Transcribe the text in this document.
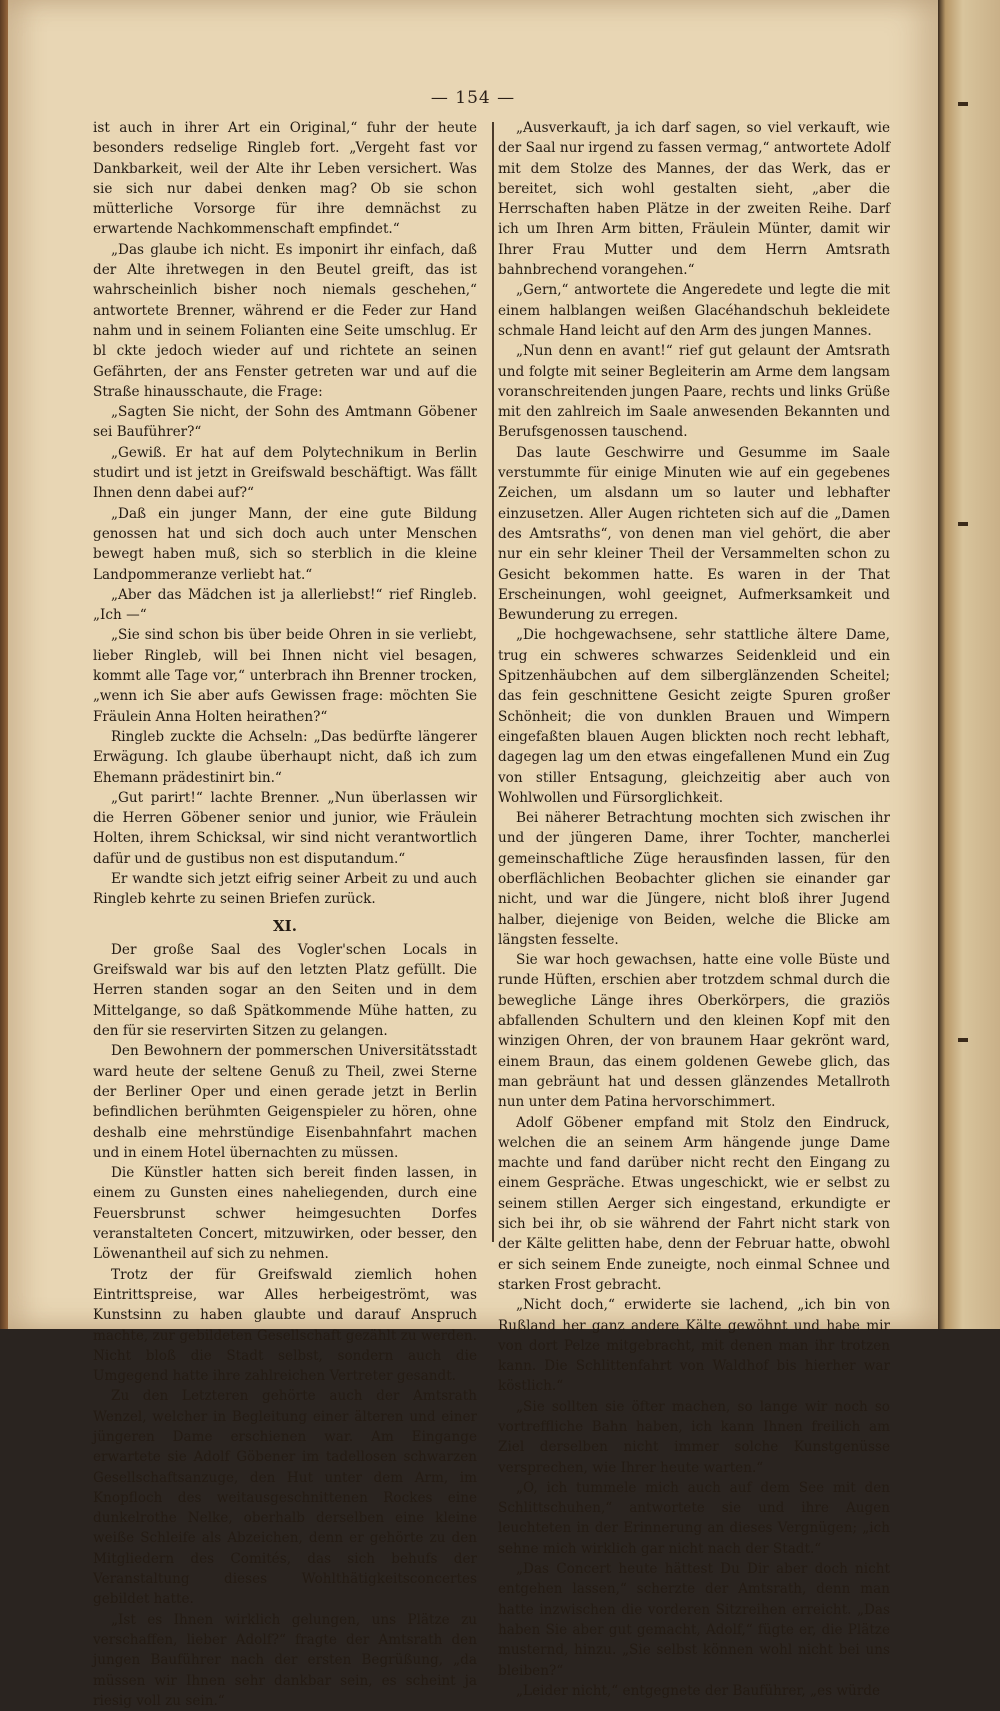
— 154 —

ist auch in ihrer Art ein Original,“ fuhr der heute besonders redselige Ringleb fort. „Vergeht fast vor Dankbarkeit, weil der Alte ihr Leben versichert. Was sie sich nur dabei denken mag? Ob sie schon mütterliche Vorsorge für ihre demnächst zu erwartende Nachkommenschaft empfindet.“

„Das glaube ich nicht. Es imponirt ihr einfach, daß der Alte ihretwegen in den Beutel greift, das ist wahrscheinlich bisher noch niemals geschehen,“ antwortete Brenner, während er die Feder zur Hand nahm und in seinem Folianten eine Seite umschlug. Er bl ckte jedoch wieder auf und richtete an seinen Gefährten, der ans Fenster getreten war und auf die Straße hinausschaute, die Frage:

„Sagten Sie nicht, der Sohn des Amtmann Göbener sei Bauführer?“

„Gewiß. Er hat auf dem Polytechnikum in Berlin studirt und ist jetzt in Greifswald beschäftigt. Was fällt Ihnen denn dabei auf?“

„Daß ein junger Mann, der eine gute Bildung genossen hat und sich doch auch unter Menschen bewegt haben muß, sich so sterblich in die kleine Landpommeranze verliebt hat.“

„Aber das Mädchen ist ja allerliebst!“ rief Ringleb. „Ich —“

„Sie sind schon bis über beide Ohren in sie verliebt, lieber Ringleb, will bei Ihnen nicht viel besagen, kommt alle Tage vor,“ unterbrach ihn Brenner trocken, „wenn ich Sie aber aufs Gewissen frage: möchten Sie Fräulein Anna Holten heirathen?“

Ringleb zuckte die Achseln: „Das bedürfte längerer Erwägung. Ich glaube überhaupt nicht, daß ich zum Ehemann prädestinirt bin.“

„Gut parirt!“ lachte Brenner. „Nun überlassen wir die Herren Göbener senior und junior, wie Fräulein Holten, ihrem Schicksal, wir sind nicht verantwortlich dafür und de gustibus non est disputandum.“

Er wandte sich jetzt eifrig seiner Arbeit zu und auch Ringleb kehrte zu seinen Briefen zurück.

XI.

Der große Saal des Vogler'schen Locals in Greifswald war bis auf den letzten Platz gefüllt. Die Herren standen sogar an den Seiten und in dem Mittelgange, so daß Spätkommende Mühe hatten, zu den für sie reservirten Sitzen zu gelangen.

Den Bewohnern der pommerschen Universitätsstadt ward heute der seltene Genuß zu Theil, zwei Sterne der Berliner Oper und einen gerade jetzt in Berlin befindlichen berühmten Geigenspieler zu hören, ohne deshalb eine mehrstündige Eisenbahnfahrt machen und in einem Hotel übernachten zu müssen.

Die Künstler hatten sich bereit finden lassen, in einem zu Gunsten eines naheliegenden, durch eine Feuersbrunst schwer heimgesuchten Dorfes veranstalteten Concert, mitzuwirken, oder besser, den Löwenantheil auf sich zu nehmen.

Trotz der für Greifswald ziemlich hohen Eintrittspreise, war Alles herbeigeströmt, was Kunstsinn zu haben glaubte und darauf Anspruch machte, zur gebildeten Gesellschaft gezählt zu werden. Nicht bloß die Stadt selbst, sondern auch die Umgegend hatte ihre zahlreichen Vertreter gesandt.

Zu den Letzteren gehörte auch der Amtsrath Wenzel, welcher in Begleitung einer älteren und einer jüngeren Dame erschienen war. Am Eingange erwartete sie Adolf Göbener im tadellosen schwarzen Gesellschaftsanzuge, den Hut unter dem Arm, im Knopfloch des weitausgeschnittenen Rockes eine dunkelrothe Nelke, oberhalb derselben eine kleine weiße Schleife als Abzeichen, denn er gehörte zu den Mitgliedern des Comités, das sich behufs der Veranstaltung dieses Wohlthätigkeitsconcertes gebildet hatte.

„Ist es Ihnen wirklich gelungen, uns Plätze zu verschaffen, lieber Adolf?“ fragte der Amtsrath den jungen Bauführer nach der ersten Begrüßung, „da müssen wir Ihnen sehr dankbar sein, es scheint ja riesig voll zu sein.“

„Ausverkauft, ja ich darf sagen, so viel verkauft, wie der Saal nur irgend zu fassen vermag,“ antwortete Adolf mit dem Stolze des Mannes, der das Werk, das er bereitet, sich wohl gestalten sieht, „aber die Herrschaften haben Plätze in der zweiten Reihe. Darf ich um Ihren Arm bitten, Fräulein Münter, damit wir Ihrer Frau Mutter und dem Herrn Amtsrath bahnbrechend vorangehen.“

„Gern,“ antwortete die Angeredete und legte die mit einem halblangen weißen Glacéhandschuh bekleidete schmale Hand leicht auf den Arm des jungen Mannes.

„Nun denn en avant!“ rief gut gelaunt der Amtsrath und folgte mit seiner Begleiterin am Arme dem langsam voranschreitenden jungen Paare, rechts und links Grüße mit den zahlreich im Saale anwesenden Bekannten und Berufsgenossen tauschend.

Das laute Geschwirre und Gesumme im Saale verstummte für einige Minuten wie auf ein gegebenes Zeichen, um alsdann um so lauter und lebhafter einzusetzen. Aller Augen richteten sich auf die „Damen des Amtsraths“, von denen man viel gehört, die aber nur ein sehr kleiner Theil der Versammelten schon zu Gesicht bekommen hatte. Es waren in der That Erscheinungen, wohl geeignet, Aufmerksamkeit und Bewunderung zu erregen.

„Die hochgewachsene, sehr stattliche ältere Dame, trug ein schweres schwarzes Seidenkleid und ein Spitzenhäubchen auf dem silberglänzenden Scheitel; das fein geschnittene Gesicht zeigte Spuren großer Schönheit; die von dunklen Brauen und Wimpern eingefaßten blauen Augen blickten noch recht lebhaft, dagegen lag um den etwas eingefallenen Mund ein Zug von stiller Entsagung, gleichzeitig aber auch von Wohlwollen und Fürsorglichkeit.

Bei näherer Betrachtung mochten sich zwischen ihr und der jüngeren Dame, ihrer Tochter, mancherlei gemeinschaftliche Züge herausfinden lassen, für den oberflächlichen Beobachter glichen sie einander gar nicht, und war die Jüngere, nicht bloß ihrer Jugend halber, diejenige von Beiden, welche die Blicke am längsten fesselte.

Sie war hoch gewachsen, hatte eine volle Büste und runde Hüften, erschien aber trotzdem schmal durch die bewegliche Länge ihres Oberkörpers, die graziös abfallenden Schultern und den kleinen Kopf mit den winzigen Ohren, der von braunem Haar gekrönt ward, einem Braun, das einem goldenen Gewebe glich, das man gebräunt hat und dessen glänzendes Metallroth nun unter dem Patina hervorschimmert.

Adolf Göbener empfand mit Stolz den Eindruck, welchen die an seinem Arm hängende junge Dame machte und fand darüber nicht recht den Eingang zu einem Gespräche. Etwas ungeschickt, wie er selbst zu seinem stillen Aerger sich eingestand, erkundigte er sich bei ihr, ob sie während der Fahrt nicht stark von der Kälte gelitten habe, denn der Februar hatte, obwohl er sich seinem Ende zuneigte, noch einmal Schnee und starken Frost gebracht.

„Nicht doch,“ erwiderte sie lachend, „ich bin von Rußland her ganz andere Kälte gewöhnt und habe mir von dort Pelze mitgebracht, mit denen man ihr trotzen kann. Die Schlittenfahrt von Waldhof bis hierher war köstlich.“

„Sie sollten sie öfter machen, so lange wir noch so vortreffliche Bahn haben, ich kann Ihnen freilich am Ziel derselben nicht immer solche Kunstgenüsse versprechen, wie Ihrer heute warten.“

„O, ich tummele mich auch auf dem See mit den Schlittschuhen,“ antwortete sie und ihre Augen leuchteten in der Erinnerung an dieses Vergnügen; „ich sehne mich wirklich gar nicht nach der Stadt.“

„Das Concert heute hättest Du Dir aber doch nicht entgehen lassen,“ scherzte der Amtsrath, denn man hatte inzwischen die vorderen Sitzreihen erreicht. „Das haben Sie aber gut gemacht, Adolf,“ fügte er, die Plätze musternd, hinzu. „Sie selbst können wohl nicht bei uns bleiben?“

„Leider nicht,“ entgegnete der Bauführer, „es würde
